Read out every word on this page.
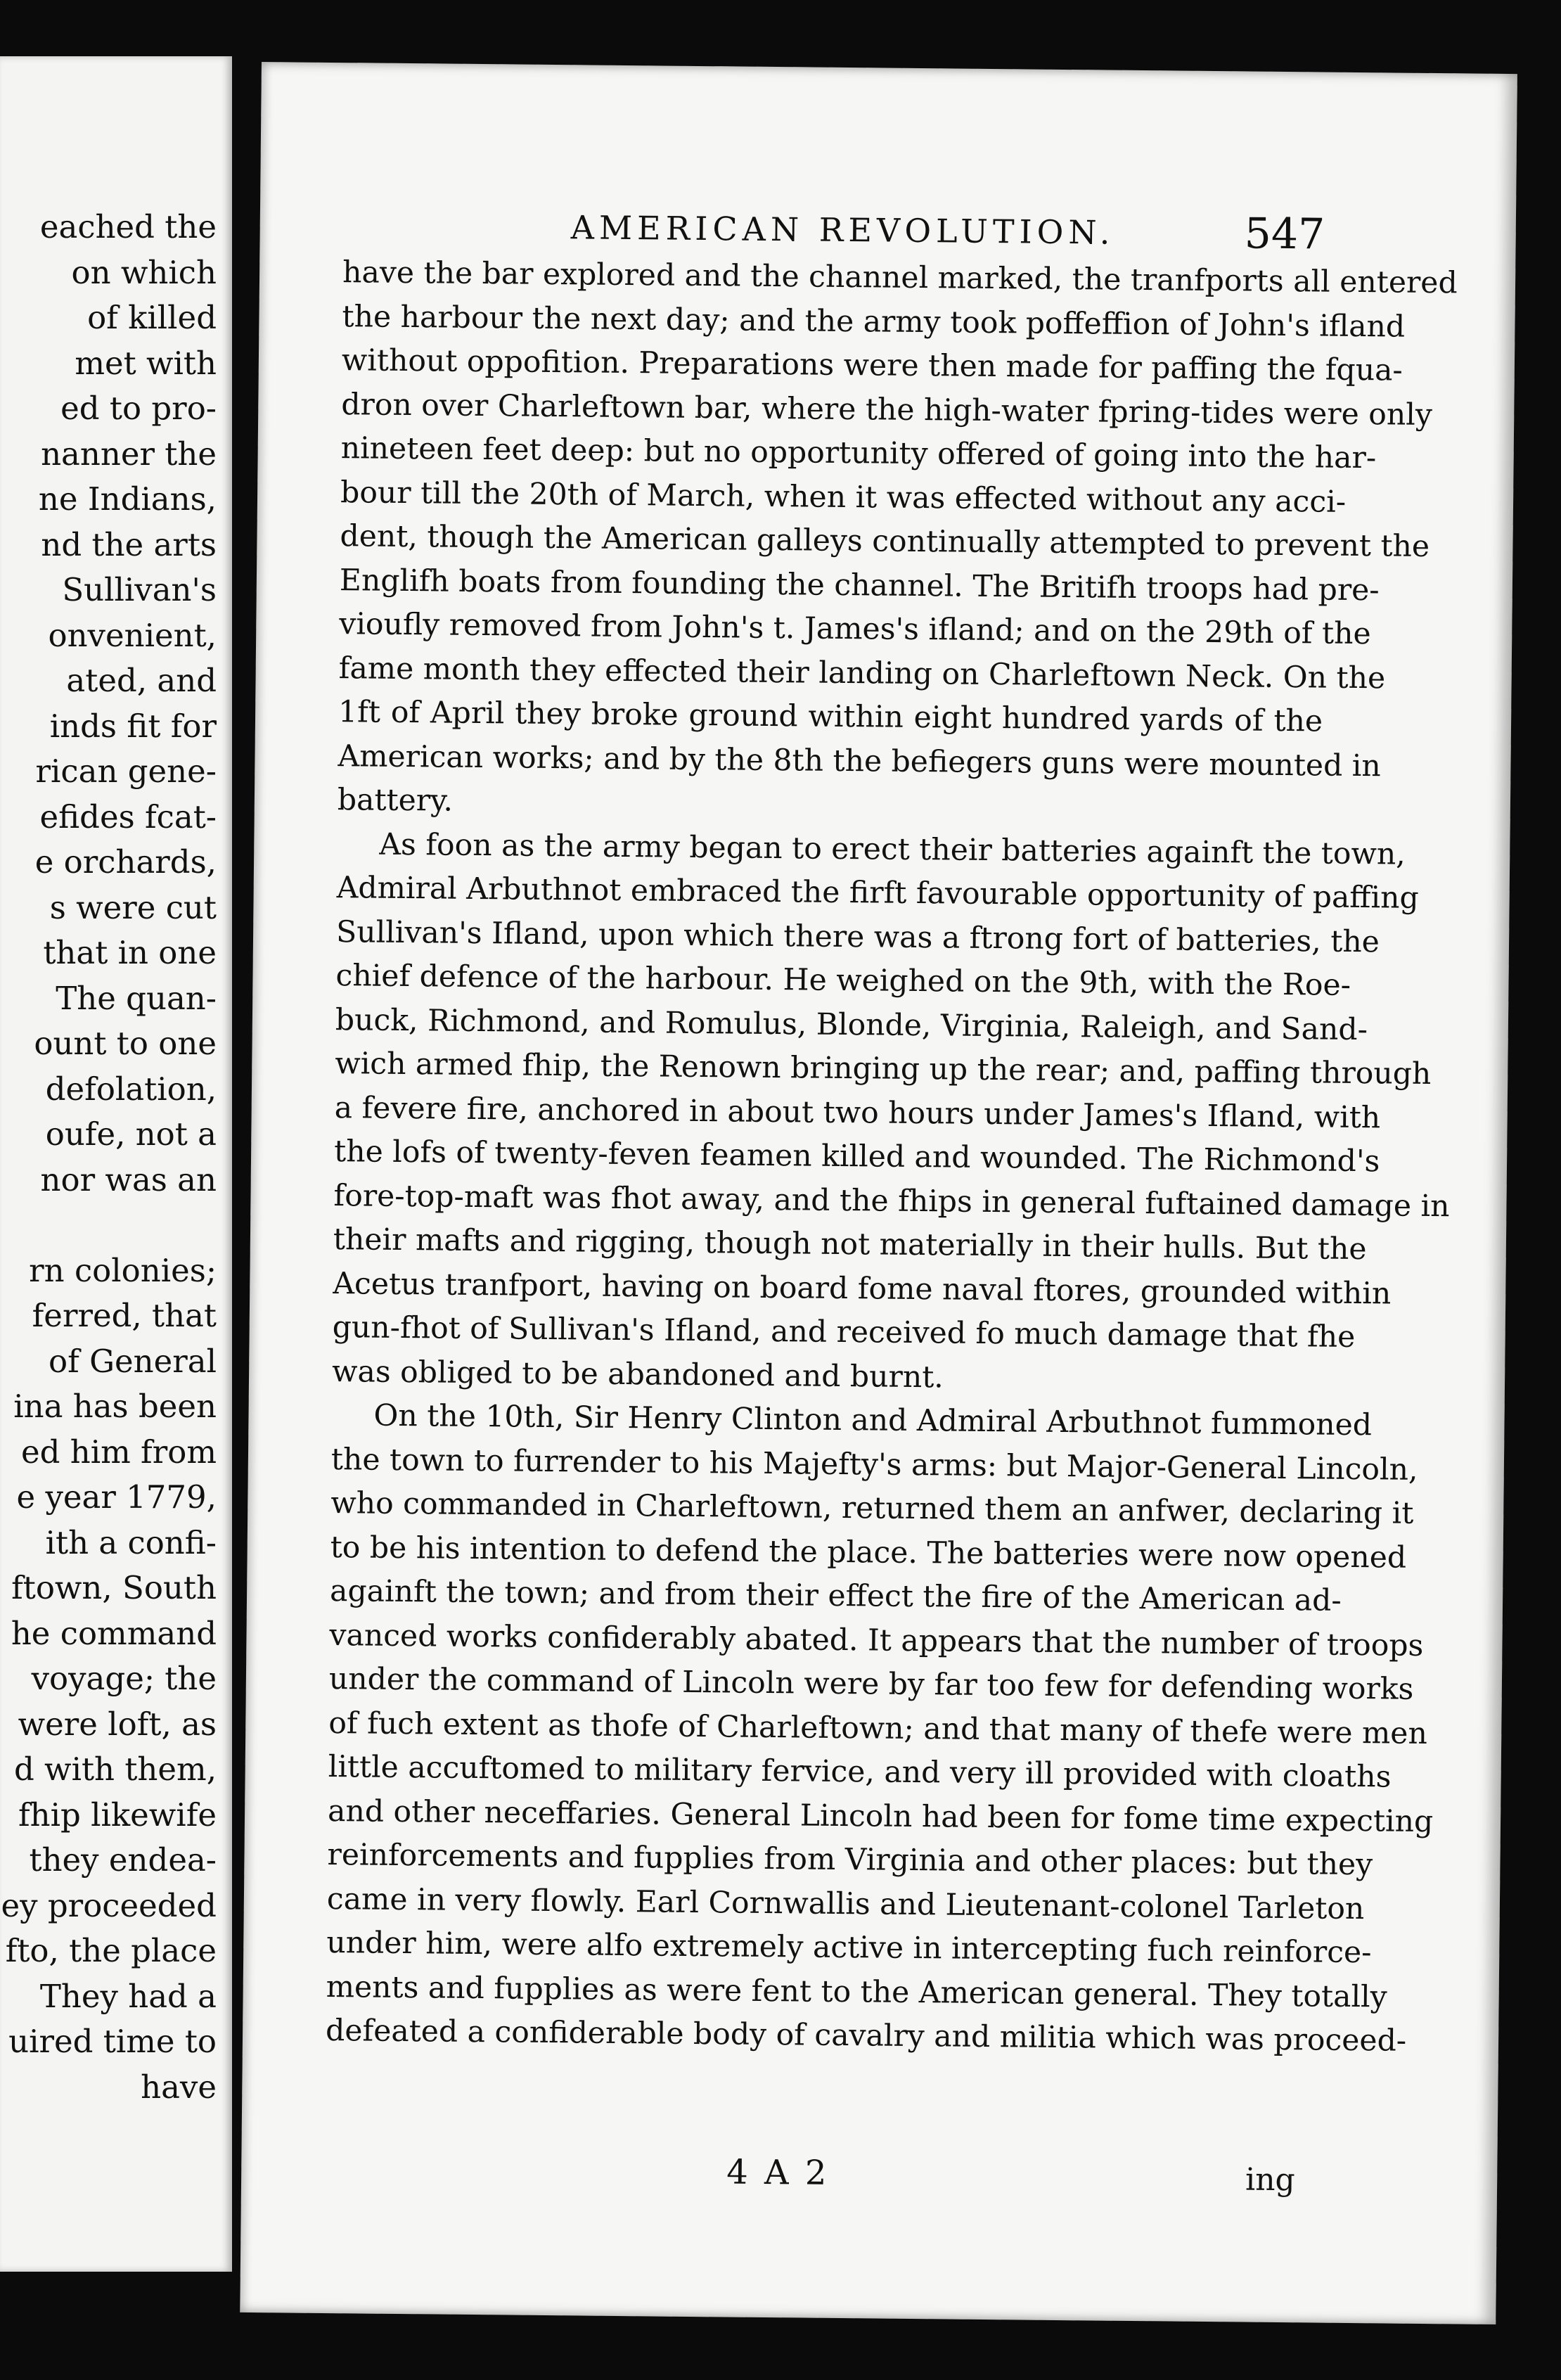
eached the
on which
of killed
met with
ed to pro-
nanner the
ne Indians,
nd the arts
Sullivan's
onvenient,
ated, and
inds fit for
rican gene-
efides fcat-
e orchards,
s were cut
that in one
The quan-
ount to one
defolation,
oufe, not a
nor was an
rn colonies;
ferred, that
of General
ina has been
ed him from
e year 1779,
ith a confi-
ftown, South
he command
voyage; the
were loft, as
d with them,
fhip likewife
they endea-
ey proceeded
fto, the place
They had a
uired time to
have
AMERICAN REVOLUTION.	547
have the bar explored and the channel marked, the tranfports all entered
the harbour the next day; and the army took poffeffion of John's ifland
without oppofition. Preparations were then made for paffing the fqua-
dron over Charleftown bar, where the high-water fpring-tides were only
nineteen feet deep: but no opportunity offered of going into the har-
bour till the 20th of March, when it was effected without any acci-
dent, though the American galleys continually attempted to prevent the
Englifh boats from founding the channel. The Britifh troops had pre-
vioufly removed from John's t. James's ifland; and on the 29th of the
fame month they effected their landing on Charleftown Neck. On the
1ft of April they broke ground within eight hundred yards of the
American works; and by the 8th the befiegers guns were mounted in
battery.
As foon as the army began to erect their batteries againft the town,
Admiral Arbuthnot embraced the firft favourable opportunity of paffing
Sullivan's Ifland, upon which there was a ftrong fort of batteries, the
chief defence of the harbour. He weighed on the 9th, with the Roe-
buck, Richmond, and Romulus, Blonde, Virginia, Raleigh, and Sand-
wich armed fhip, the Renown bringing up the rear; and, paffing through
a fevere fire, anchored in about two hours under James's Ifland, with
the lofs of twenty-feven feamen killed and wounded. The Richmond's
fore-top-maft was fhot away, and the fhips in general fuftained damage in
their mafts and rigging, though not materially in their hulls. But the
Acetus tranfport, having on board fome naval ftores, grounded within
gun-fhot of Sullivan's Ifland, and received fo much damage that fhe
was obliged to be abandoned and burnt.
On the 10th, Sir Henry Clinton and Admiral Arbuthnot fummoned
the town to furrender to his Majefty's arms: but Major-General Lincoln,
who commanded in Charleftown, returned them an anfwer, declaring it
to be his intention to defend the place. The batteries were now opened
againft the town; and from their effect the fire of the American ad-
vanced works confiderably abated. It appears that the number of troops
under the command of Lincoln were by far too few for defending works
of fuch extent as thofe of Charleftown; and that many of thefe were men
little accuftomed to military fervice, and very ill provided with cloaths
and other neceffaries. General Lincoln had been for fome time expecting
reinforcements and fupplies from Virginia and other places: but they
came in very flowly. Earl Cornwallis and Lieutenant-colonel Tarleton
under him, were alfo extremely active in intercepting fuch reinforce-
ments and fupplies as were fent to the American general. They totally
defeated a confiderable body of cavalry and militia which was proceed-
4 A 2	ing
